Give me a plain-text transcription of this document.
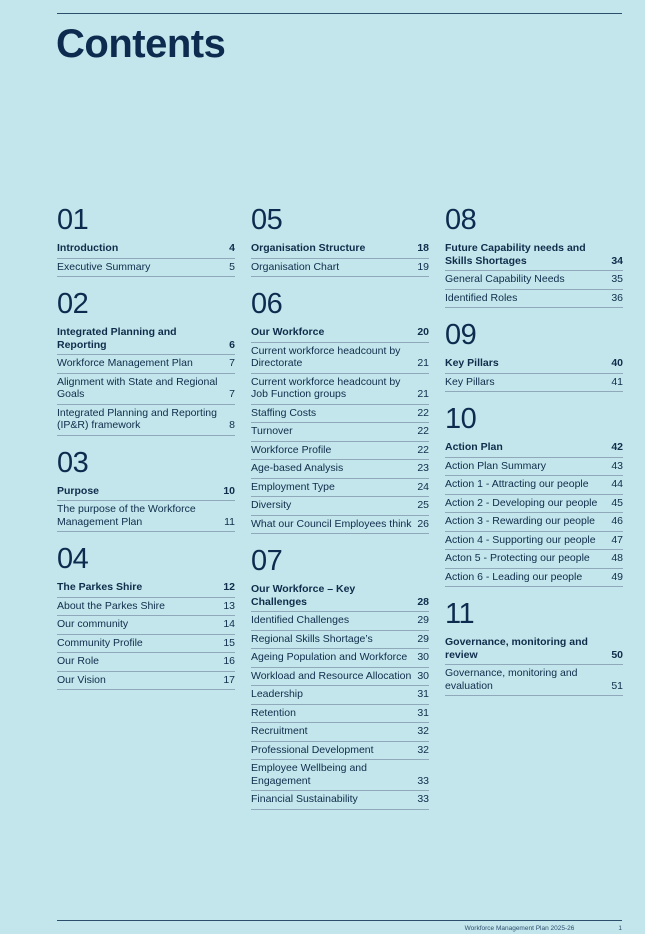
Contents
01
Introduction	4
Executive Summary	5
02
Integrated Planning and Reporting	6
Workforce Management Plan	7
Alignment with State and Regional Goals	7
Integrated Planning and Reporting (IP&R) framework	8
03
Purpose	10
The purpose of the Workforce Management Plan	11
04
The Parkes Shire	12
About the Parkes Shire	13
Our community	14
Community Profile	15
Our Role	16
Our Vision	17
05
Organisation Structure	18
Organisation Chart	19
06
Our Workforce	20
Current workforce headcount by Directorate	21
Current workforce headcount by Job Function groups	21
Staffing Costs	22
Turnover	22
Workforce Profile	22
Age-based Analysis	23
Employment Type	24
Diversity	25
What our Council Employees think 26
07
Our Workforce – Key Challenges	28
Identified Challenges	29
Regional Skills Shortage’s	29
Ageing Population and Workforce 30
Workload and Resource Allocation 30
Leadership	31
Retention	31
Recruitment	32
Professional Development	32
Employee Wellbeing and Engagement	33
Financial Sustainability	33
08
Future Capability needs and Skills Shortages	34
General Capability Needs	35
Identified Roles	36
09
Key Pillars	40
Key Pillars	41
10
Action Plan	42
Action Plan Summary	43
Action 1 - Attracting our people	44
Action 2 - Developing our people	45
Action 3 - Rewarding our people	46
Action 4 - Supporting our people	47
Acton 5 - Protecting our people	48
Action 6 - Leading our people	49
11
Governance, monitoring and review	50
Governance, monitoring and evaluation	51
Workforce Management Plan 2025-26	1
